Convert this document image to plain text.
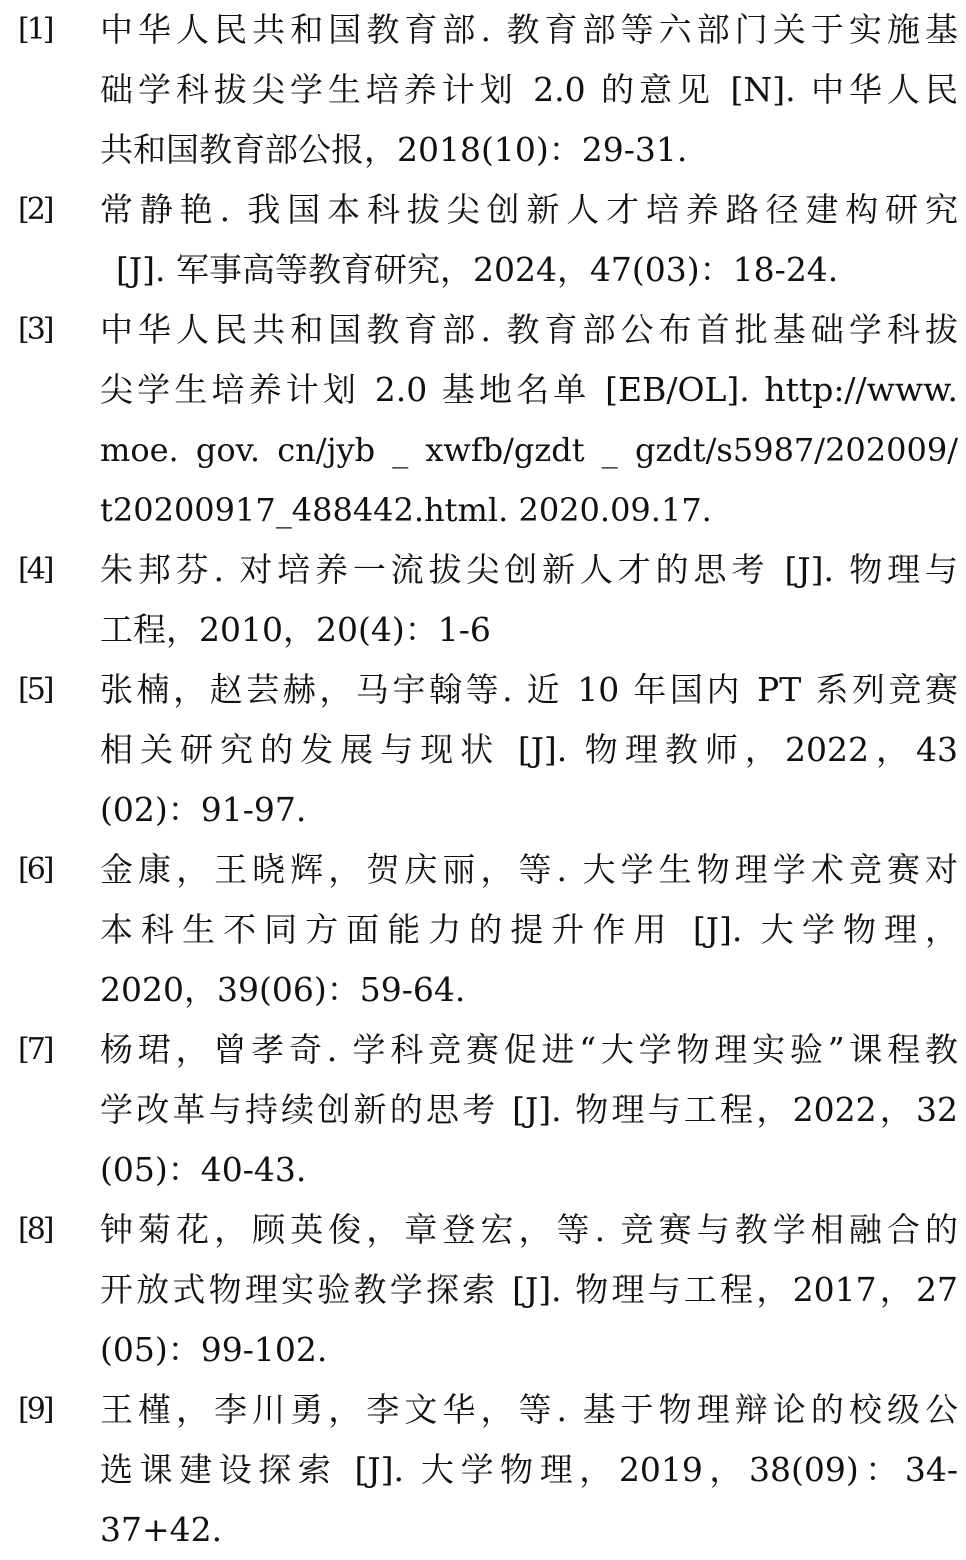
[1] 中华人民共和国教育部. 教育部等六部门关于实施基
础学科拔尖学生培养计划 2.0 的意见 [N]. 中华人民
共和国教育部公报，2018(10)：29-31.
[2] 常静艳. 我国本科拔尖创新人才培养路径建构研究
[J]. 军事高等教育研究，2024，47(03)：18-24.
[3] 中华人民共和国教育部. 教育部公布首批基础学科拔
尖学生培养计划 2.0 基地名单 [EB/OL]. http://www.
moe. gov. cn/jyb _ xwfb/gzdt _ gzdt/s5987/202009/
t20200917_488442.html. 2020.09.17.
[4] 朱邦芬. 对培养一流拔尖创新人才的思考 [J]. 物理与
工程，2010，20(4)：1-6
[5] 张楠，赵芸赫，马宇翰等. 近 10 年国内 PT 系列竞赛
相关研究的发展与现状 [J]. 物理教师，2022，43
(02)：91-97.
[6] 金康，王晓辉，贺庆丽，等. 大学生物理学术竞赛对
本科生不同方面能力的提升作用 [J]. 大学物理，
2020，39(06)：59-64.
[7] 杨珺，曾孝奇. 学科竞赛促进“大学物理实验”课程教
学改革与持续创新的思考 [J]. 物理与工程，2022，32
(05)：40-43.
[8] 钟菊花，顾英俊，章登宏，等. 竞赛与教学相融合的
开放式物理实验教学探索 [J]. 物理与工程，2017，27
(05)：99-102.
[9] 王槿，李川勇，李文华，等. 基于物理辩论的校级公
选课建设探索 [J]. 大学物理，2019，38(09)：34-
37+42.
